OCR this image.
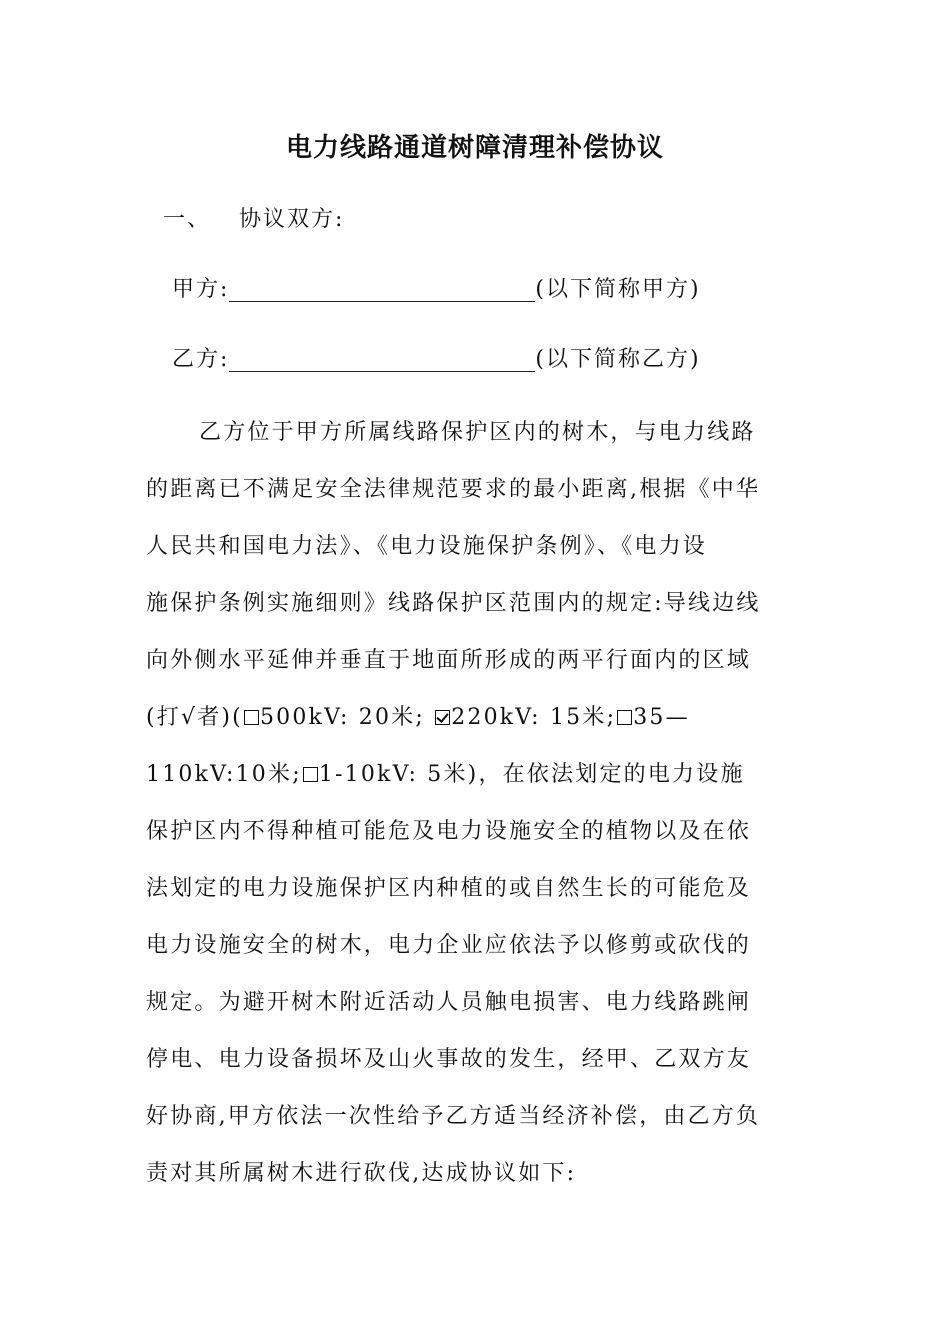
电力线路通道树障清理补偿协议
一、 协议双方:
甲方:	(以下简称甲方)
乙方:	(以下简称乙方)
乙方位于甲方所属线路保护区内的树木，与电力线路
的距离已不满足安全法律规范要求的最小距离,根据《中华
人民共和国电力法》、《电力设施保护条例》、《电力设
施保护条例实施细则》线路保护区范围内的规定:导线边线
向外侧水平延伸并垂直于地面所形成的两平行面内的区域
(打√者)( 500kV: 20米; 220kV: 15米; 35—
110kV:10米; 1-10kV: 5米)，在依法划定的电力设施
保护区内不得种植可能危及电力设施安全的植物以及在依
法划定的电力设施保护区内种植的或自然生长的可能危及
电力设施安全的树木，电力企业应依法予以修剪或砍伐的
规定。为避开树木附近活动人员触电损害、电力线路跳闸
停电、电力设备损坏及山火事故的发生，经甲、乙双方友
好协商,甲方依法一次性给予乙方适当经济补偿，由乙方负
责对其所属树木进行砍伐,达成协议如下:
